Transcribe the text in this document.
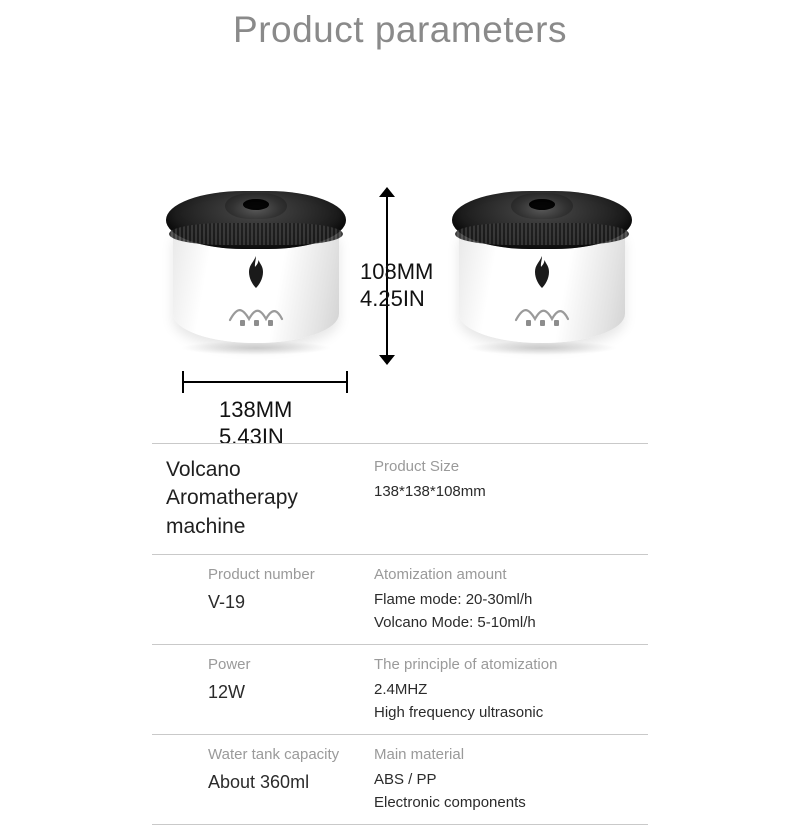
Product parameters
108MM
4.25IN
138MM
5.43IN
Volcano
Aromatherapy machine
Product Size
138*138*108mm
Product number
V-19
Atomization amount
Flame mode: 20-30ml/h
Volcano Mode: 5-10ml/h
Power
12W
The principle of atomization
2.4MHZ
High frequency ultrasonic
Water tank capacity
About 360ml
Main material
ABS / PP
Electronic components
